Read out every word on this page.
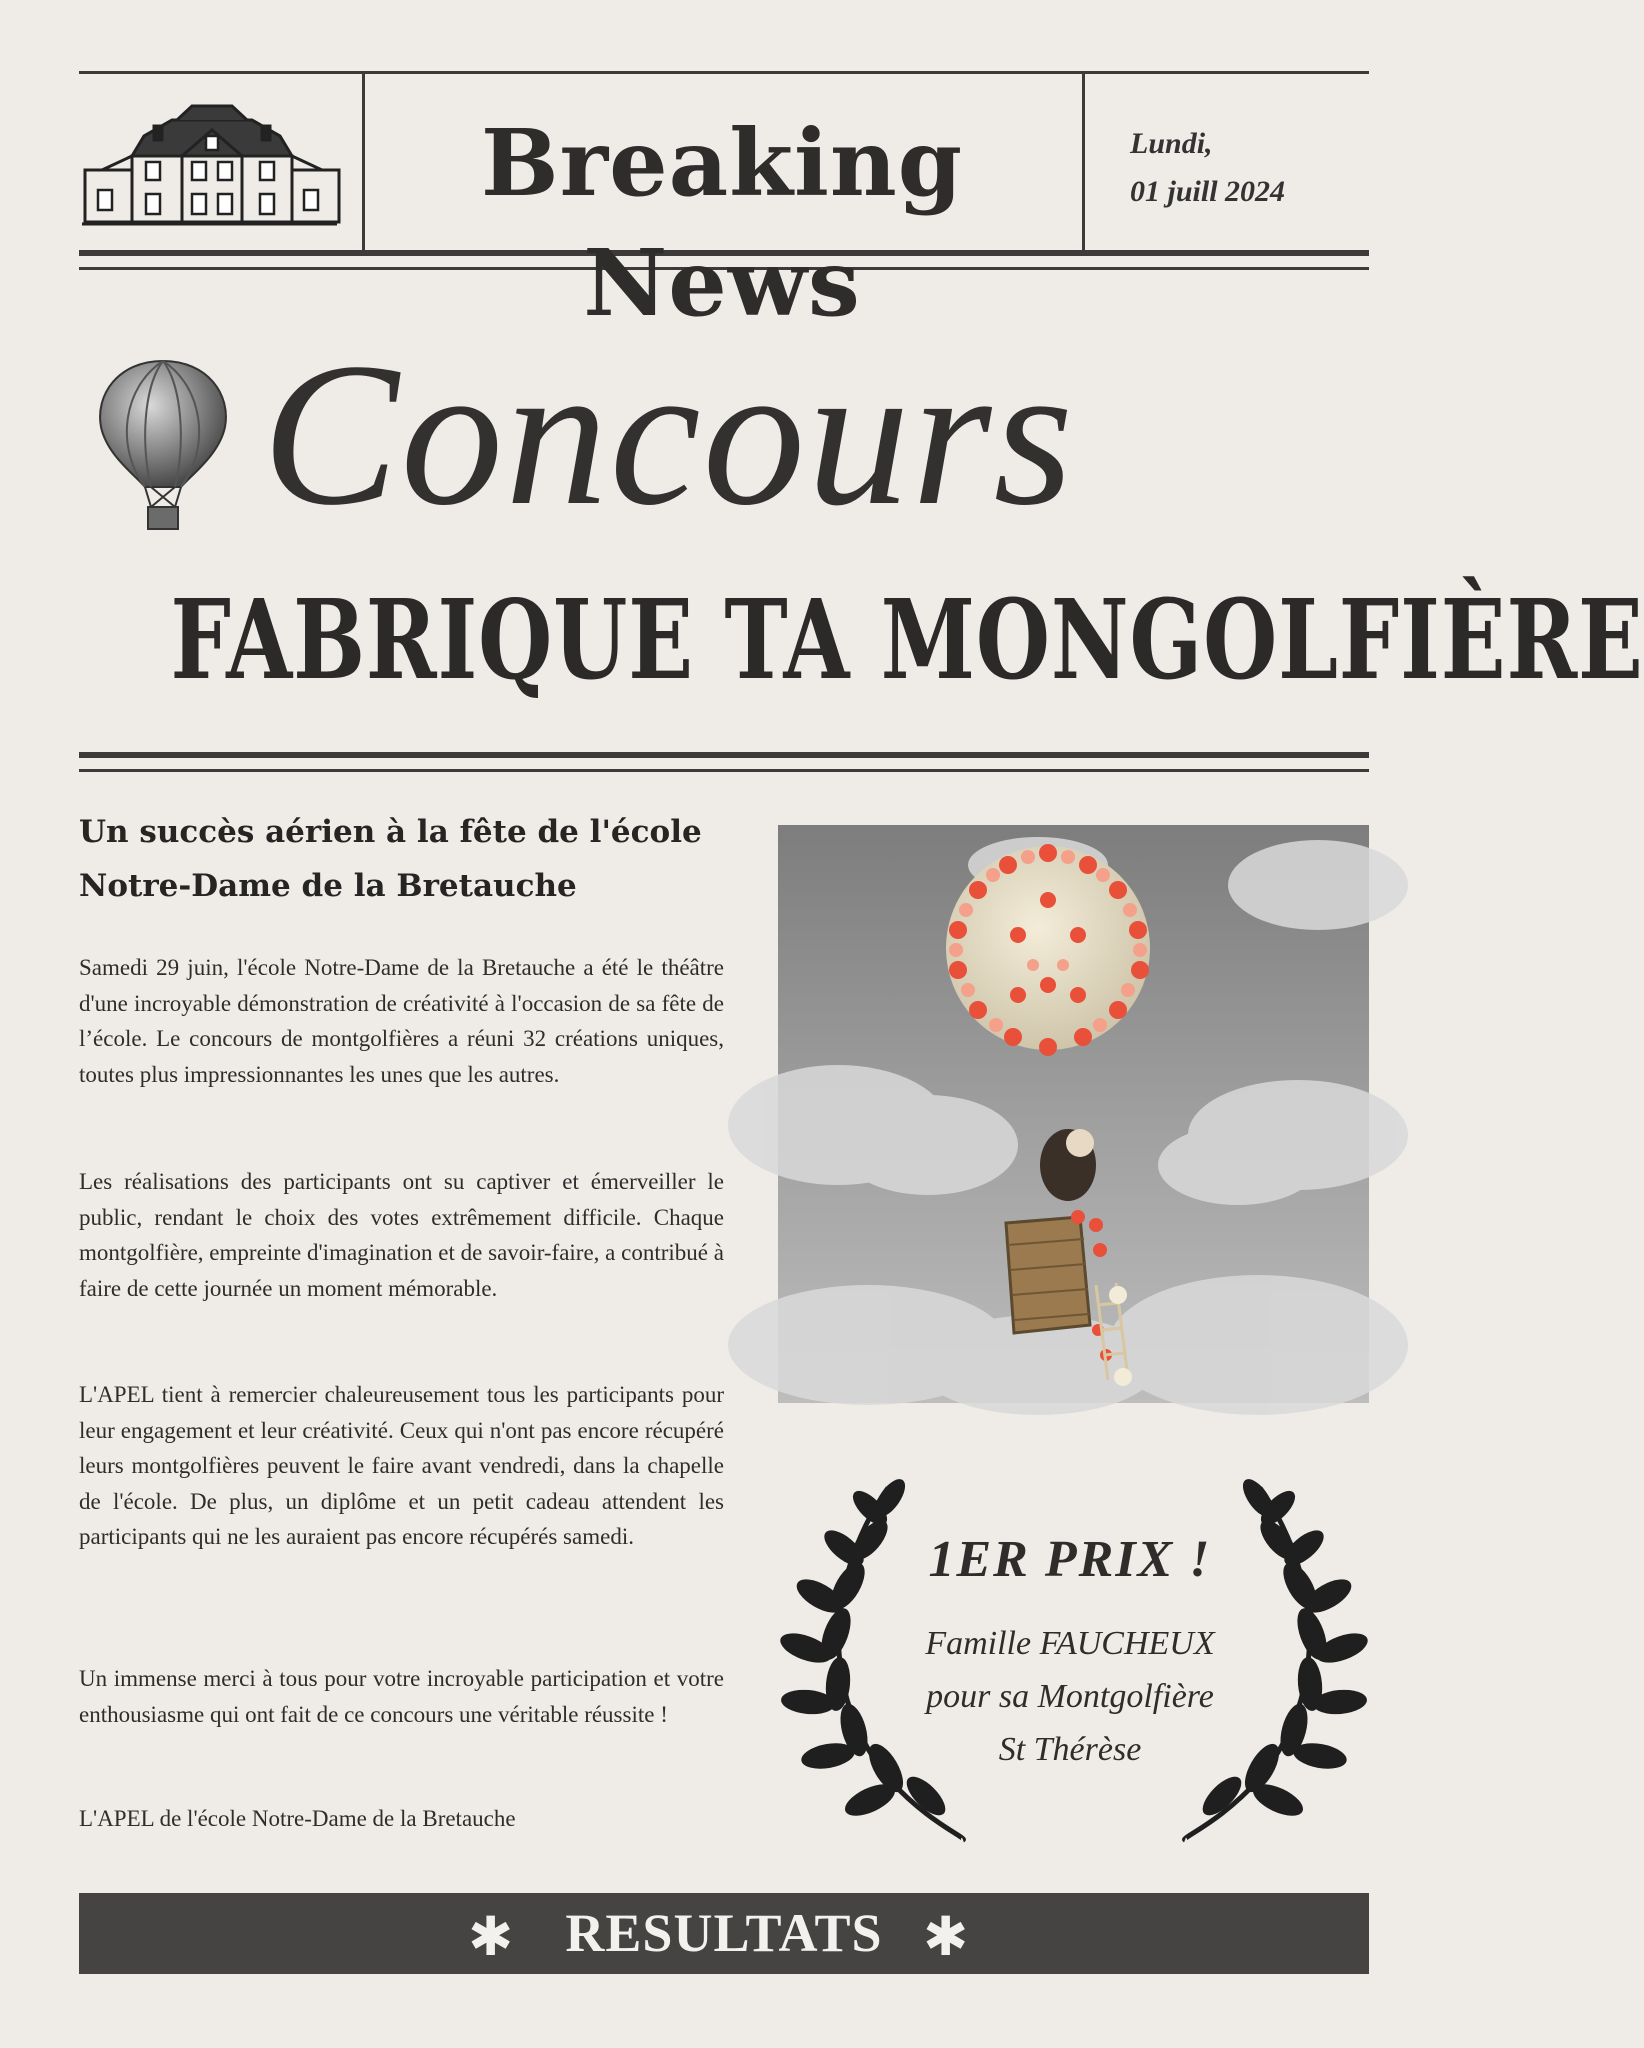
Breaking News
Lundi,
01 juill 2024
Concours
FABRIQUE TA MONGOLFIÈRE
Un succès aérien à la fête de l'école
Notre-Dame de la Bretauche
Samedi 29 juin, l'école Notre-Dame de la Bretauche a été le théâtre d'une incroyable démonstration de créativité à l'occasion de sa fête de l’école. Le concours de montgolfières a réuni 32 créations uniques, toutes plus impressionnantes les unes que les autres.
Les réalisations des participants ont su captiver et émerveiller le public, rendant le choix des votes extrêmement difficile. Chaque montgolfière, empreinte d'imagination et de savoir-faire, a contribué à faire de cette journée un moment mémorable.
L'APEL tient à remercier chaleureusement tous les participants pour leur engagement et leur créativité. Ceux qui n'ont pas encore récupéré leurs montgolfières peuvent le faire avant vendredi, dans la chapelle de l'école. De plus, un diplôme et un petit cadeau attendent les participants qui ne les auraient pas encore récupérés samedi.
Un immense merci à tous pour votre incroyable participation et votre enthousiasme qui ont fait de ce concours une véritable réussite !
L'APEL de l'école Notre-Dame de la Bretauche
1ER PRIX !
Famille FAUCHEUX
pour sa Montgolfière
St Thérèse
RESULTATS
✱	✱
